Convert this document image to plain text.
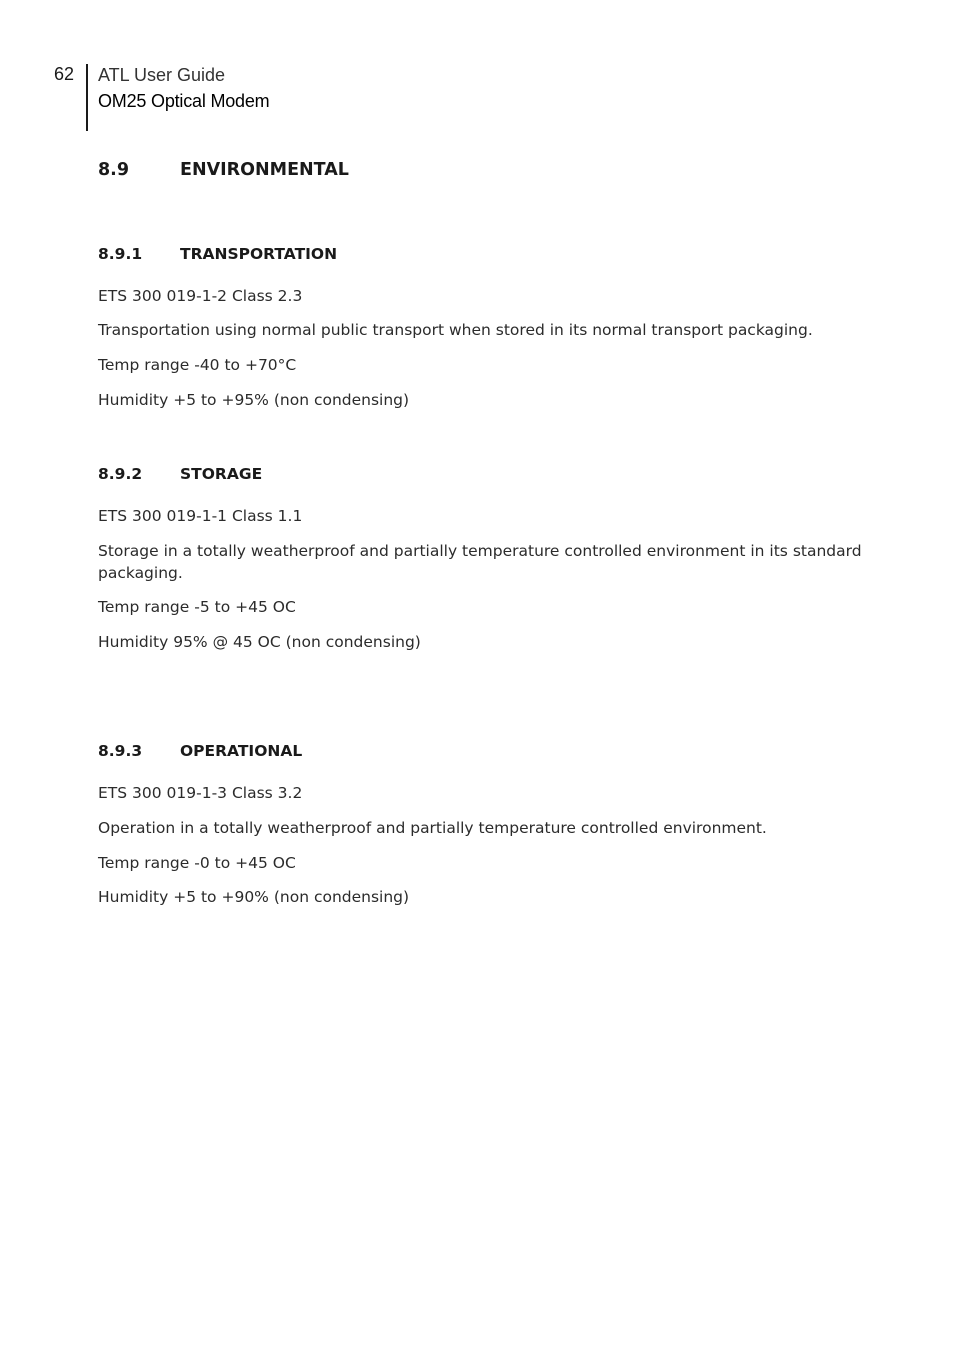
62 ATL User Guide
OM25 Optical Modem
8.9	ENVIRONMENTAL
8.9.1 TRANSPORTATION

ETS 300 019-1-2 Class 2.3

Transportation using normal public transport when stored in its normal transport packaging.

Temp range -40 to +70°C

Humidity +5 to +95% (non condensing)

8.9.2 STORAGE

ETS 300 019-1-1 Class 1.1

Storage in a totally weatherproof and partially temperature controlled environment in its standard packaging.

Temp range -5 to +45 OC

Humidity 95% @ 45 OC (non condensing)

8.9.3 OPERATIONAL

ETS 300 019-1-3 Class 3.2

Operation in a totally weatherproof and partially temperature controlled environment.

Temp range -0 to +45 OC

Humidity +5 to +90% (non condensing)
